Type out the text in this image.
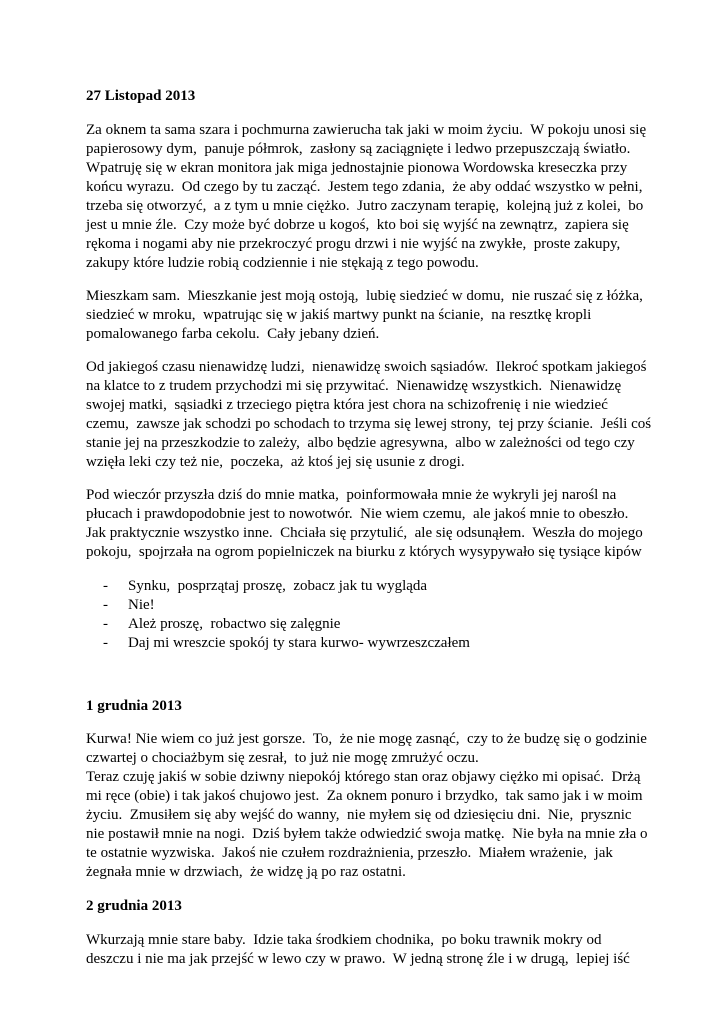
27 Listopad 2013
Za oknem ta sama szara i pochmurna zawierucha tak jaki w moim życiu.  W pokoju unosi się
papierosowy dym,  panuje półmrok,  zasłony są zaciągnięte i ledwo przepuszczają światło.
Wpatruję się w ekran monitora jak miga jednostajnie pionowa Wordowska kreseczka przy
końcu wyrazu.  Od czego by tu zacząć.  Jestem tego zdania,  że aby oddać wszystko w pełni,
trzeba się otworzyć,  a z tym u mnie ciężko.  Jutro zaczynam terapię,  kolejną już z kolei,  bo
jest u mnie źle.  Czy może być dobrze u kogoś,  kto boi się wyjść na zewnątrz,  zapiera się
rękoma i nogami aby nie przekroczyć progu drzwi i nie wyjść na zwykłe,  proste zakupy,
zakupy które ludzie robią codziennie i nie stękają z tego powodu.
Mieszkam sam.  Mieszkanie jest moją ostoją,  lubię siedzieć w domu,  nie ruszać się z łóżka,
siedzieć w mroku,  wpatrując się w jakiś martwy punkt na ścianie,  na resztkę kropli
pomalowanego farba cekolu.  Cały jebany dzień.
Od jakiegoś czasu nienawidzę ludzi,  nienawidzę swoich sąsiadów.  Ilekroć spotkam jakiegoś
na klatce to z trudem przychodzi mi się przywitać.  Nienawidzę wszystkich.  Nienawidzę
swojej matki,  sąsiadki z trzeciego piętra która jest chora na schizofrenię i nie wiedzieć
czemu,  zawsze jak schodzi po schodach to trzyma się lewej strony,  tej przy ścianie.  Jeśli coś
stanie jej na przeszkodzie to zależy,  albo będzie agresywna,  albo w zależności od tego czy
wzięła leki czy też nie,  poczeka,  aż ktoś jej się usunie z drogi.
Pod wieczór przyszła dziś do mnie matka,  poinformowała mnie że wykryli jej narośl na
płucach i prawdopodobnie jest to nowotwór.  Nie wiem czemu,  ale jakoś mnie to obeszło.
Jak praktycznie wszystko inne.  Chciała się przytulić,  ale się odsunąłem.  Weszła do mojego
pokoju,  spojrzała na ogrom popielniczek na biurku z których wysypywało się tysiące kipów

-

Synku,  posprzątaj proszę,  zobacz jak tu wygląda

-

Nie!

-

Ależ proszę,  robactwo się zalęgnie

-

Daj mi wreszcie spokój ty stara kurwo- wywrzeszczałem

1 grudnia 2013
Kurwa! Nie wiem co już jest gorsze.  To,  że nie mogę zasnąć,  czy to że budzę się o godzinie
czwartej o chociażbym się zesrał,  to już nie mogę zmrużyć oczu.
Teraz czuję jakiś w sobie dziwny niepokój którego stan oraz objawy ciężko mi opisać.  Drżą
mi ręce (obie) i tak jakoś chujowo jest.  Za oknem ponuro i brzydko,  tak samo jak i w moim
życiu.  Zmusiłem się aby wejść do wanny,  nie myłem się od dziesięciu dni.  Nie,  prysznic
nie postawił mnie na nogi.  Dziś byłem także odwiedzić swoja matkę.  Nie była na mnie zła o
te ostatnie wyzwiska.  Jakoś nie czułem rozdrażnienia, przeszło.  Miałem wrażenie,  jak
żegnała mnie w drzwiach,  że widzę ją po raz ostatni.
2 grudnia 2013
Wkurzają mnie stare baby.  Idzie taka środkiem chodnika,  po boku trawnik mokry od
deszczu i nie ma jak przejść w lewo czy w prawo.  W jedną stronę źle i w drugą,  lepiej iść
